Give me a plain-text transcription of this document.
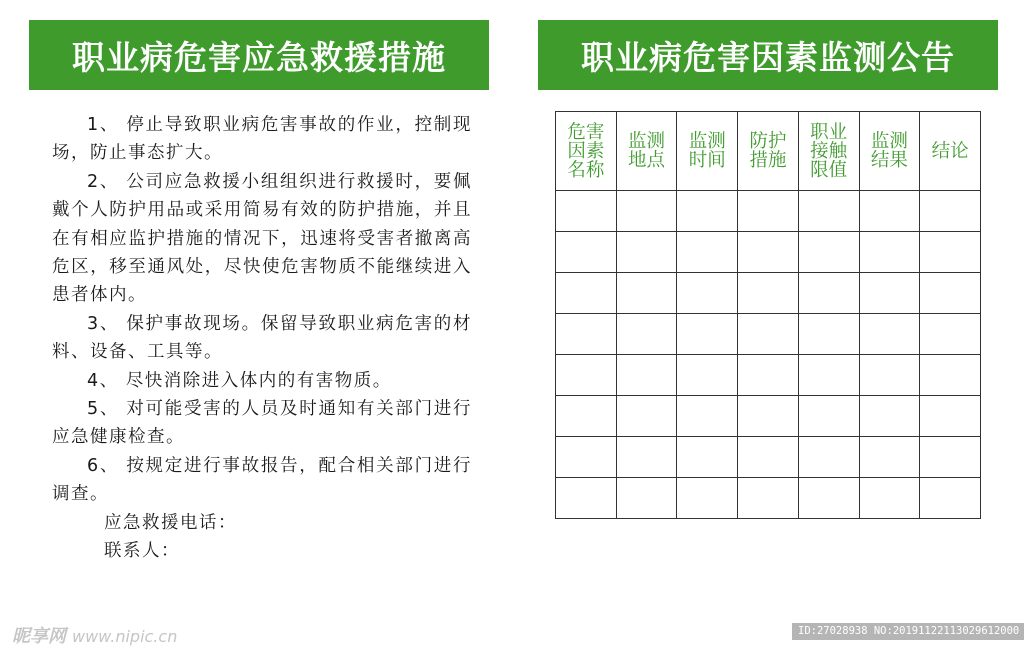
职业病危害应急救援措施

1、 停止导致职业病危害事故的作业，控制现场，防止事态扩大。

2、 公司应急救援小组组织进行救援时，要佩戴个人防护用品或采用简易有效的防护措施，并且在有相应监护措施的情况下，迅速将受害者撤离高危区，移至通风处，尽快使危害物质不能继续进入患者体内。

3、 保护事故现场。保留导致职业病危害的材料、设备、工具等。

4、 尽快消除进入体内的有害物质。

5、 对可能受害的人员及时通知有关部门进行应急健康检查。

6、 按规定进行事故报告，配合相关部门进行调查。

应急救援电话：

联系人：

职业病危害因素监测公告
危害因素名称	监测地点	监测时间	防护措施	职业接触限值	监测结果	结论

昵享网 www.nipic.cn	ID:27028938 NO:20191122113029612000
